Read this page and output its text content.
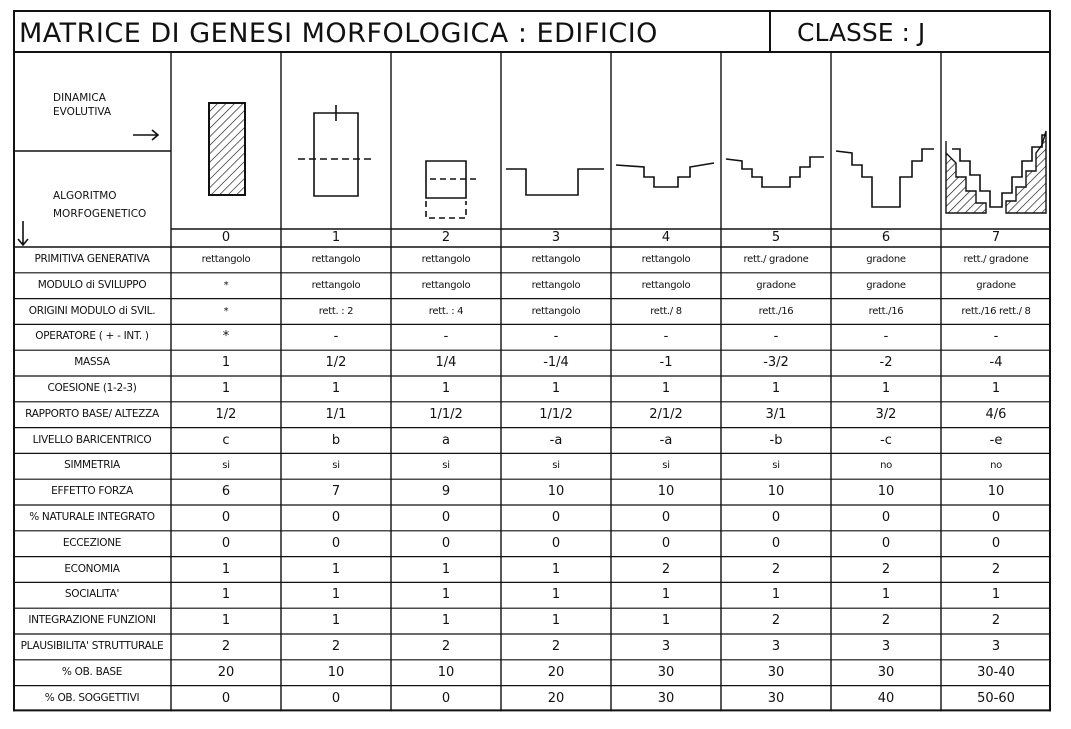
MATRICE DI GENESI MORFOLOGICA : EDIFICIO	CLASSE : J
DINAMICA EVOLUTIVA
ALGORITMO MORFOGENETICO
0	1	2	3	4	5	6	7
PRIMITIVA GENERATIVA	rettangolo	rettangolo	rettangolo	rettangolo	rettangolo	rett./ gradone	gradone	rett./ gradone
MODULO di SVILUPPO	*	rettangolo	rettangolo	rettangolo	rettangolo	gradone	gradone	gradone
ORIGINI MODULO di SVIL.	*	rett. : 2	rett. : 4	rettangolo	rett./ 8	rett./16	rett./16	rett./16 rett./ 8
OPERATORE ( + - INT. )	*	-	-	-	-	-	-	-
MASSA	1	1/2	1/4	-1/4	-1	-3/2	-2	-4
COESIONE (1-2-3)	1	1	1	1	1	1	1	1
RAPPORTO BASE/ ALTEZZA	1/2	1/1	1/1/2	1/1/2	2/1/2	3/1	3/2	4/6
LIVELLO BARICENTRICO	c	b	a	-a	-a	-b	-c	-e
SIMMETRIA	si	si	si	si	si	si	no	no
EFFETTO FORZA	6	7	9	10	10	10	10	10
% NATURALE INTEGRATO	0	0	0	0	0	0	0	0
ECCEZIONE	0	0	0	0	0	0	0	0
ECONOMIA	1	1	1	1	2	2	2	2
SOCIALITA'	1	1	1	1	1	1	1	1
INTEGRAZIONE FUNZIONI	1	1	1	1	1	2	2	2
PLAUSIBILITA' STRUTTURALE	2	2	2	2	3	3	3	3
% OB. BASE	20	10	10	20	30	30	30	30-40
% OB. SOGGETTIVI	0	0	0	20	30	30	40	50-60
